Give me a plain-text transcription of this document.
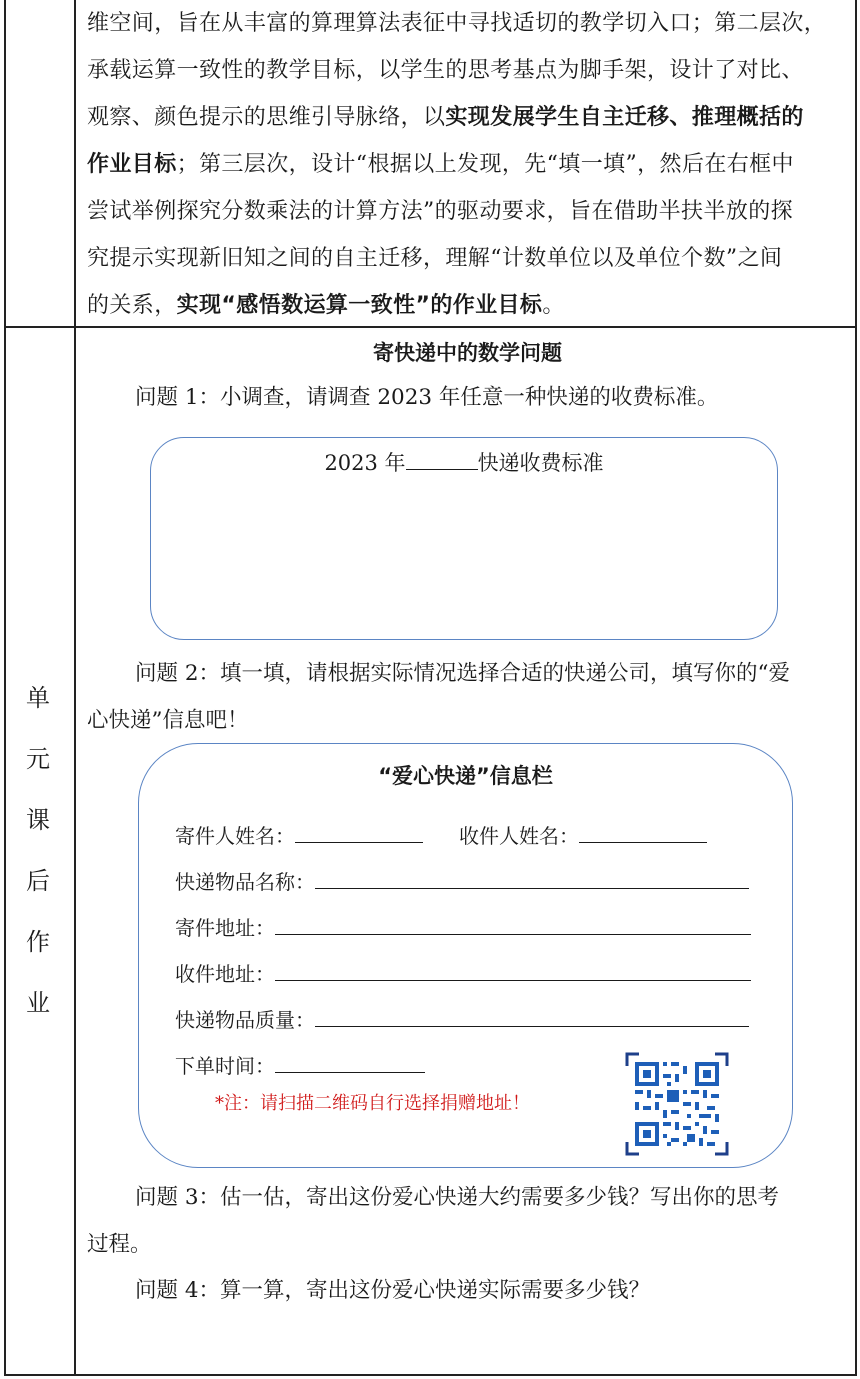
维空间，旨在从丰富的算理算法表征中寻找适切的教学切入口；第二层次，

承载运算一致性的教学目标，以学生的思考基点为脚手架，设计了对比、

观察、颜色提示的思维引导脉络，以实现发展学生自主迁移、推理概括的

作业目标；第三层次，设计“根据以上发现，先“填一填”，然后在右框中

尝试举例探究分数乘法的计算方法”的驱动要求，旨在借助半扶半放的探

究提示实现新旧知之间的自主迁移，理解“计数单位以及单位个数”之间

的关系，实现“感悟数运算一致性”的作业目标。

单
元
课
后
作
业
寄快递中的数学问题
问题 1：小调查，请调查 2023 年任意一种快递的收费标准。
2023 年	快递收费标准
问题 2：填一填，请根据实际情况选择合适的快递公司，填写你的“爱
心快递”信息吧！
“爱心快递”信息栏
寄件人姓名：	收件人姓名：
快递物品名称：
寄件地址：
收件地址：
快递物品质量：
下单时间：
*注：请扫描二维码自行选择捐赠地址！
问题 3：估一估，寄出这份爱心快递大约需要多少钱？写出你的思考
过程。
问题 4：算一算，寄出这份爱心快递实际需要多少钱？
